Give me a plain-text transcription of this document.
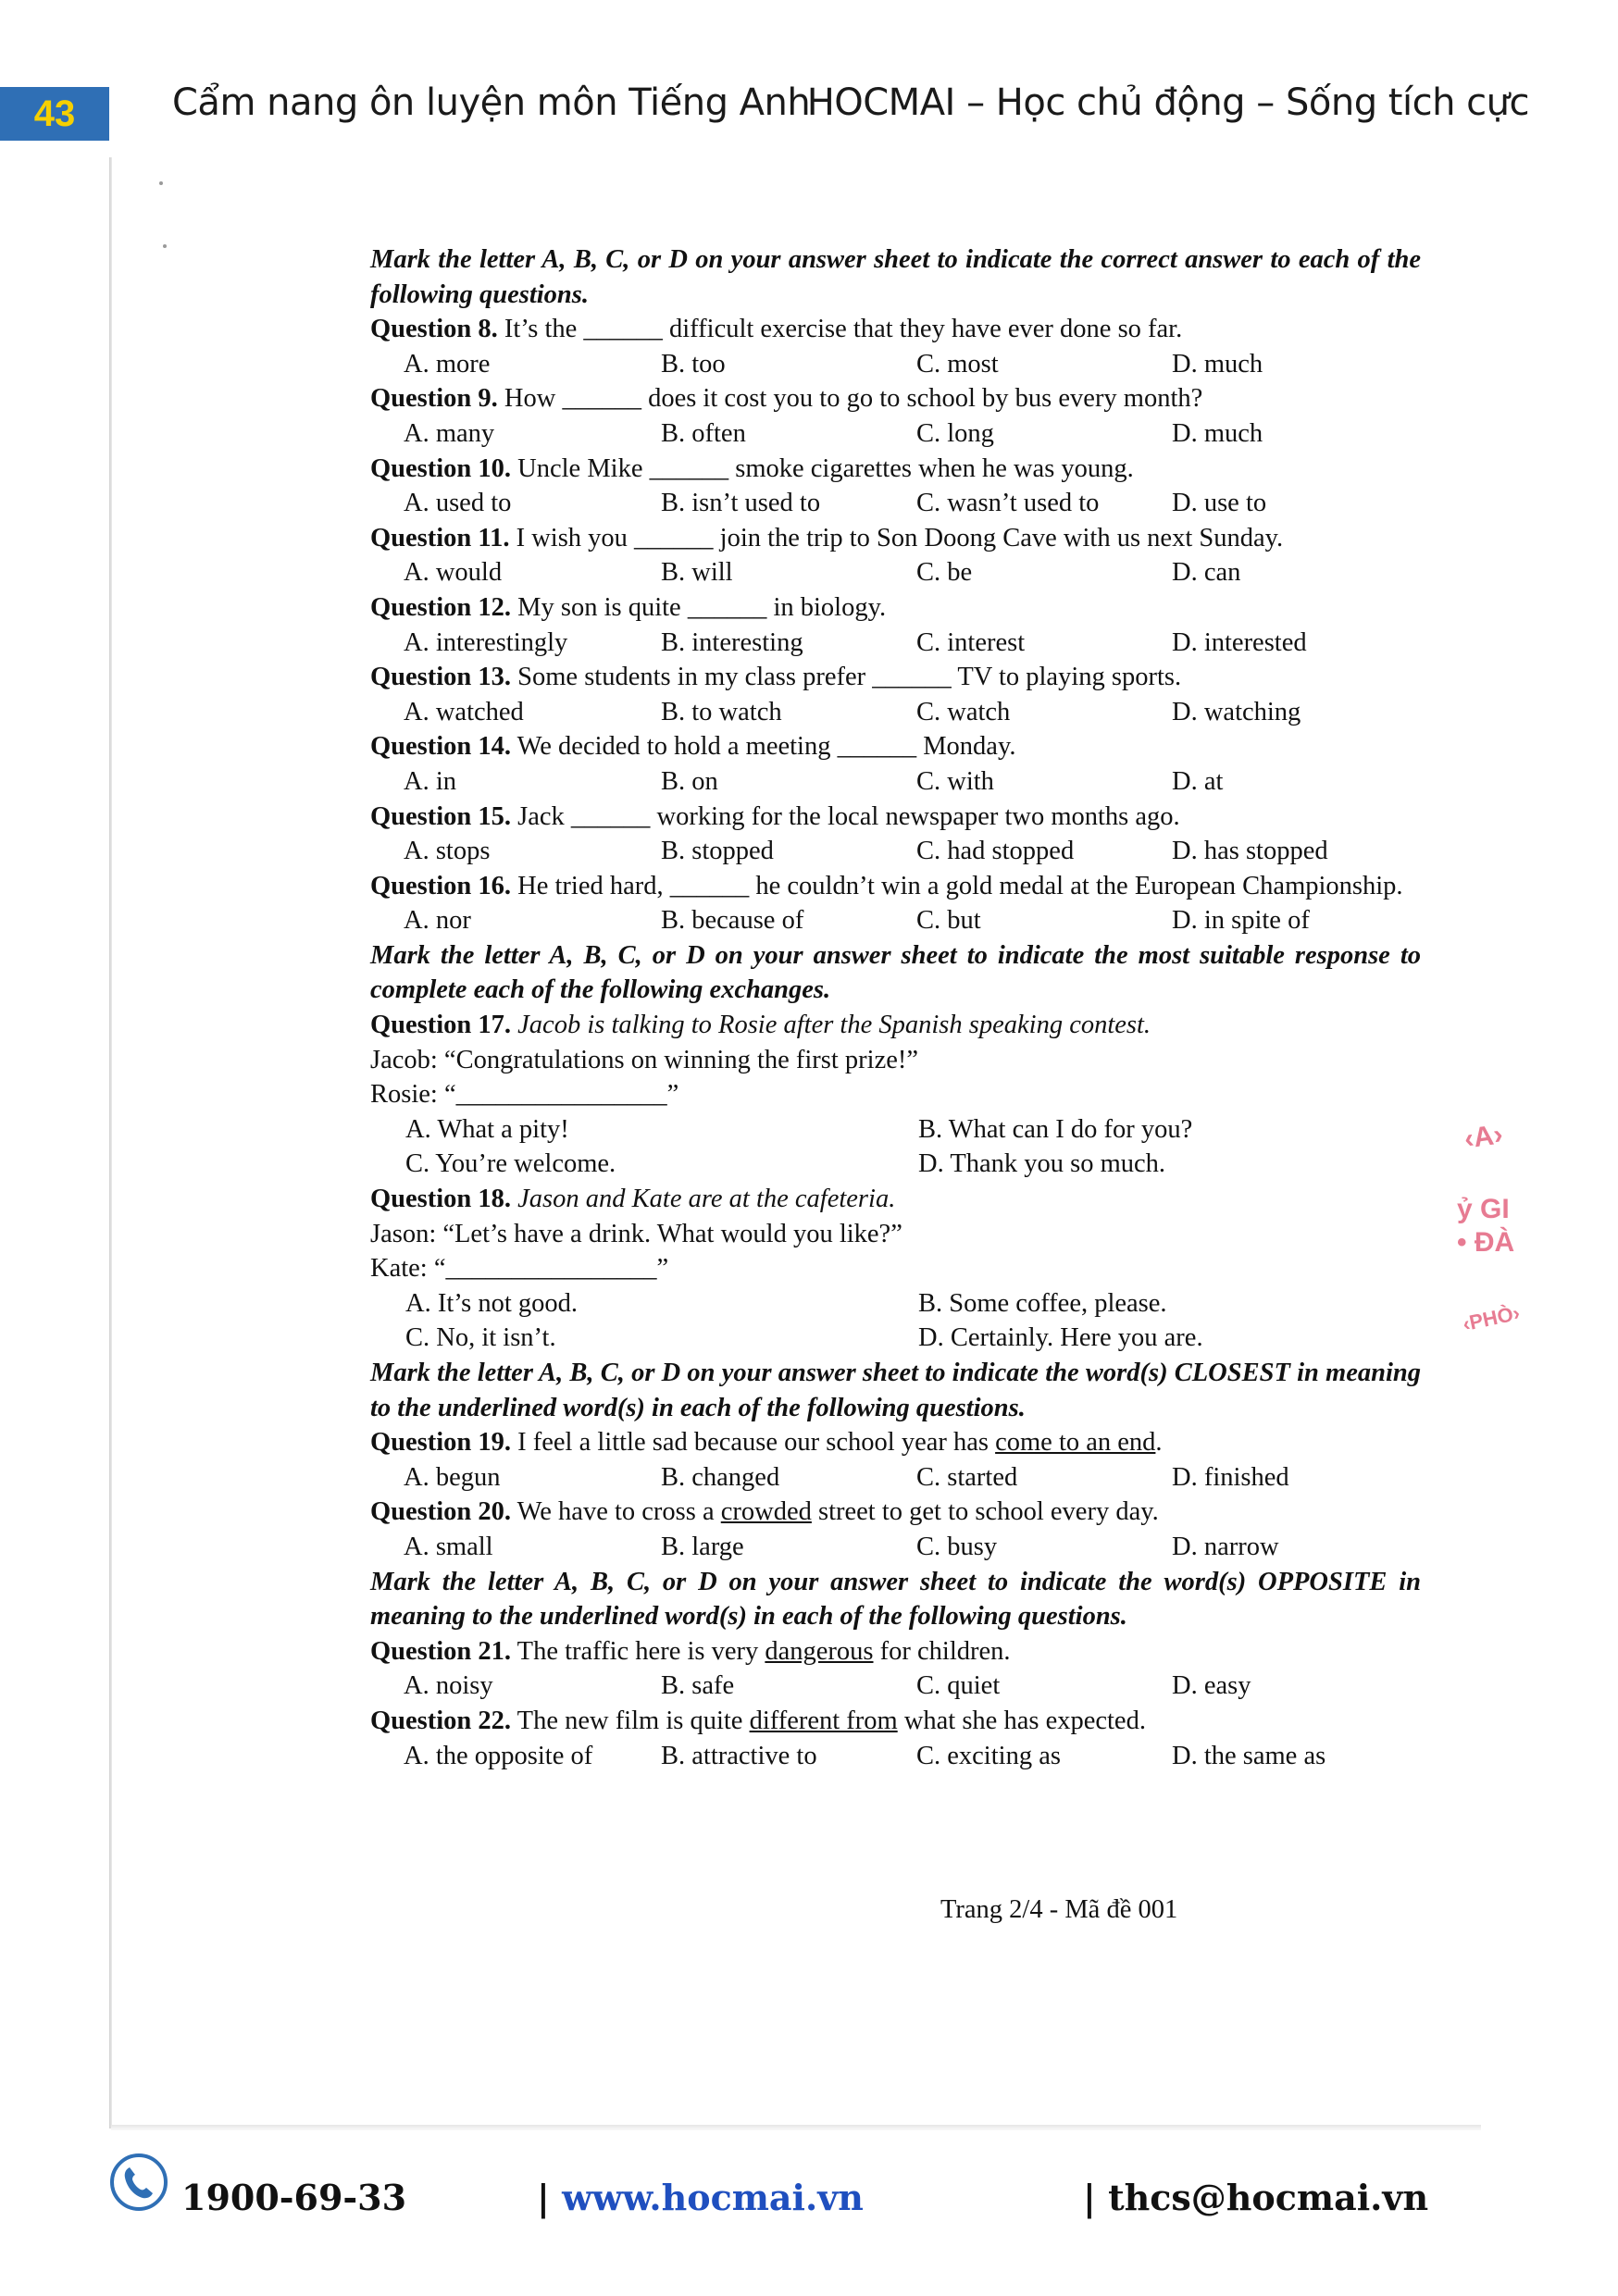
43	Cẩm nang ôn luyện môn Tiếng Anh
HOCMAI – Học chủ động – Sống tích cực
‹A›
ỷ GI
• ĐÀ
‹PHÒ›
Mark the letter A, B, C, or D on your answer sheet to indicate the correct answer to each of the following questions.
Question 8. It’s the ______ difficult exercise that they have ever done so far.
A. more	B. too	C. most	D. much
Question 9. How ______ does it cost you to go to school by bus every month?
A. many	B. often	C. long	D. much
Question 10. Uncle Mike ______ smoke cigarettes when he was young.
A. used to	B. isn’t used to	C. wasn’t used to	D. use to
Question 11. I wish you ______ join the trip to Son Doong Cave with us next Sunday.
A. would	B. will	C. be	D. can
Question 12. My son is quite ______ in biology.
A. interestingly	B. interesting	C. interest	D. interested
Question 13. Some students in my class prefer ______ TV to playing sports.
A. watched	B. to watch	C. watch	D. watching
Question 14. We decided to hold a meeting ______ Monday.
A. in	B. on	C. with	D. at
Question 15. Jack ______ working for the local newspaper two months ago.
A. stops	B. stopped	C. had stopped	D. has stopped
Question 16. He tried hard, ______ he couldn’t win a gold medal at the European Championship.
A. nor	B. because of	C. but	D. in spite of
Mark the letter A, B, C, or D on your answer sheet to indicate the most suitable response to complete each of the following exchanges.
Question 17. Jacob is talking to Rosie after the Spanish speaking contest.
Jacob: “Congratulations on winning the first prize!”
Rosie: “________________”
A. What a pity!	B. What can I do for you?
C. You’re welcome.	D. Thank you so much.
Question 18. Jason and Kate are at the cafeteria.
Jason: “Let’s have a drink. What would you like?”
Kate: “________________”
A. It’s not good.	B. Some coffee, please.
C. No, it isn’t.	D. Certainly. Here you are.
Mark the letter A, B, C, or D on your answer sheet to indicate the word(s) CLOSEST in meaning to the underlined word(s) in each of the following questions.
Question 19. I feel a little sad because our school year has come to an end.
A. begun	B. changed	C. started	D. finished
Question 20. We have to cross a crowded street to get to school every day.
A. small	B. large	C. busy	D. narrow
Mark the letter A, B, C, or D on your answer sheet to indicate the word(s) OPPOSITE in meaning to the underlined word(s) in each of the following questions.
Question 21. The traffic here is very dangerous for children.
A. noisy	B. safe	C. quiet	D. easy
Question 22. The new film is quite different from what she has expected.
A. the opposite of	B. attractive to	C. exciting as	D. the same as
Trang 2/4 - Mã đề 001
1900-69-33	| www.hocmai.vn	| thcs@hocmai.vn
